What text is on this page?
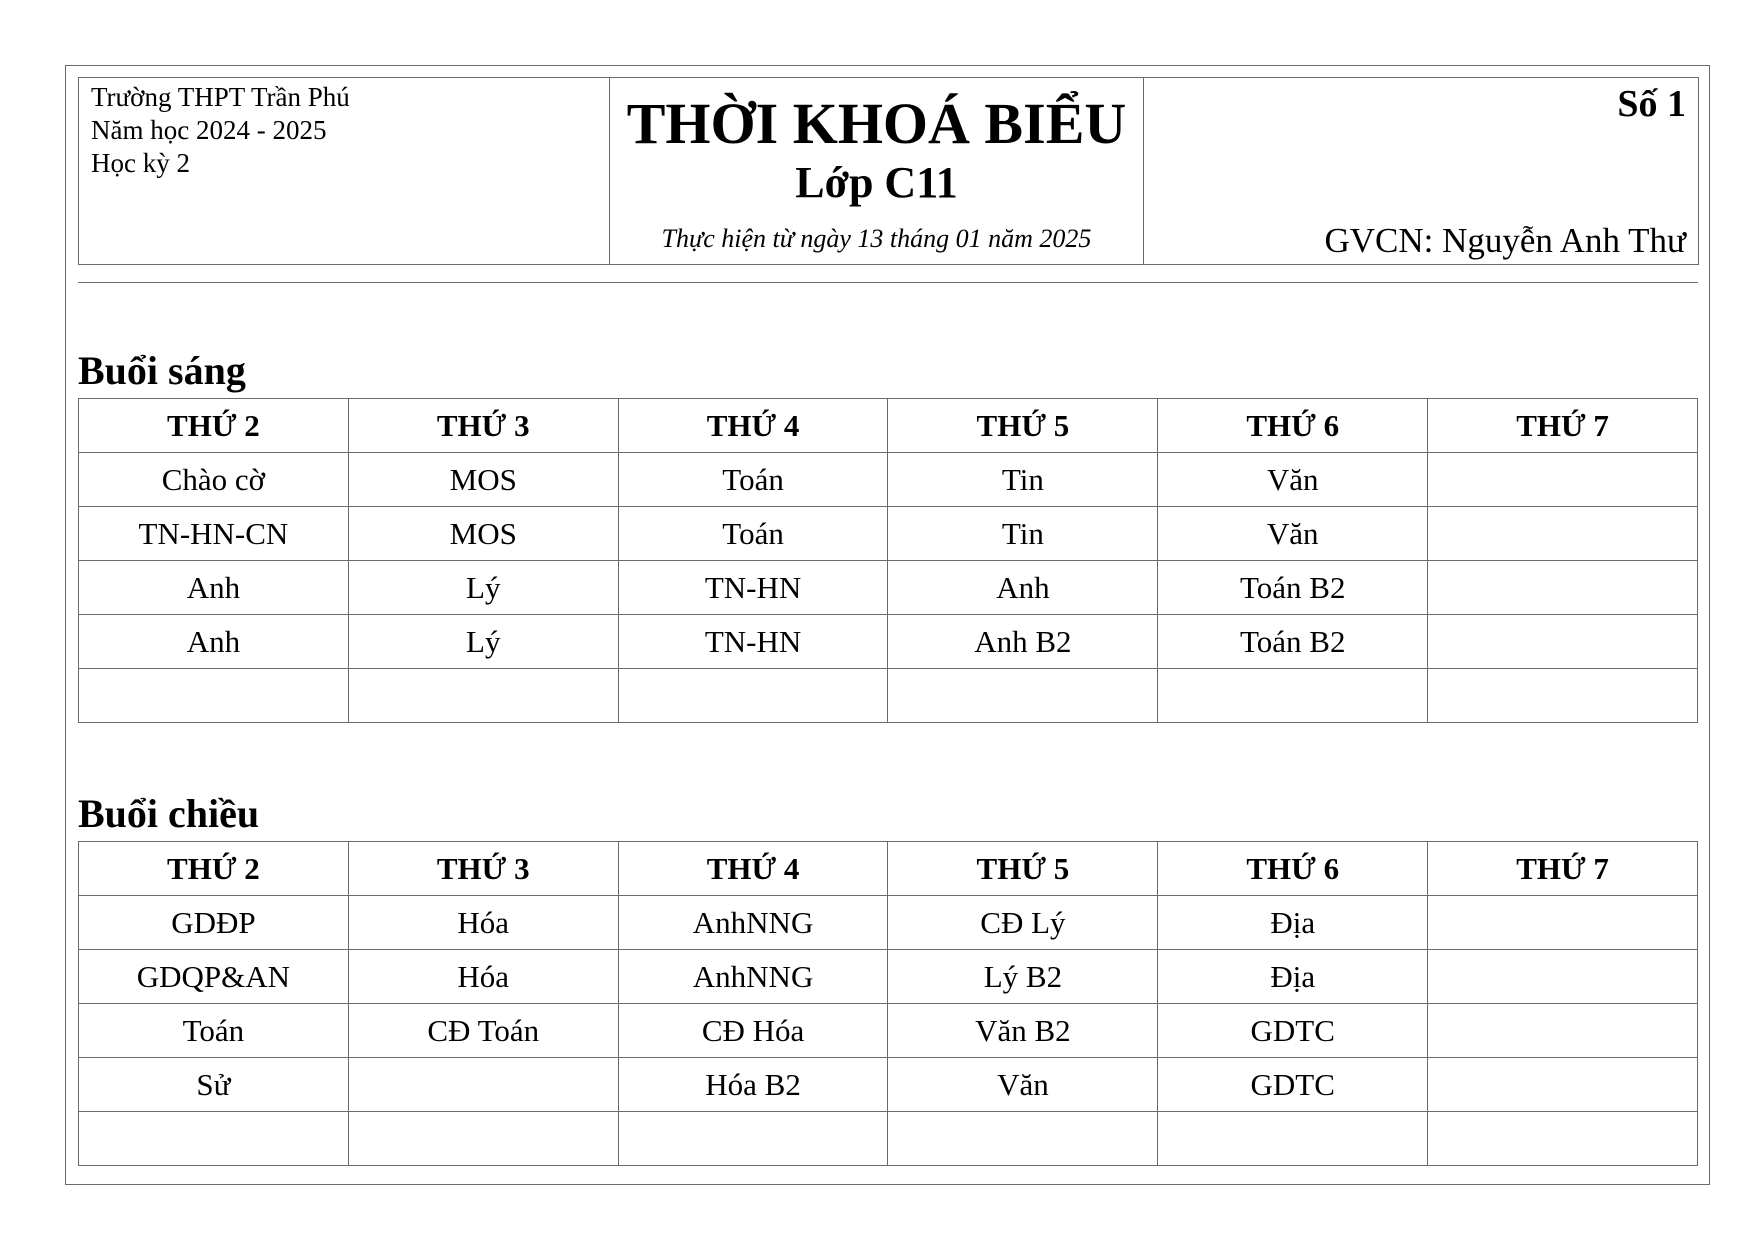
Trường THPT Trần Phú
Năm học 2024 - 2025
Học kỳ 2

THỜI KHOÁ BIỂU
Lớp C11
Thực hiện từ ngày 13 tháng 01 năm 2025

Số 1
GVCN: Nguyễn Anh Thư
Buổi sáng
THỨ 2	THỨ 3	THỨ 4	THỨ 5	THỨ 6	THỨ 7
Chào cờ	MOS	Toán	Tin	Văn	
TN-HN-CN	MOS	Toán	Tin	Văn	
Anh	Lý	TN-HN	Anh	Toán B2	
Anh	Lý	TN-HN	Anh B2	Toán B2	

Buổi chiều
THỨ 2	THỨ 3	THỨ 4	THỨ 5	THỨ 6	THỨ 7
GDĐP	Hóa	AnhNNG	CĐ Lý	Địa	
GDQP&AN	Hóa	AnhNNG	Lý B2	Địa	
Toán	CĐ Toán	CĐ Hóa	Văn B2	GDTC	
Sử		Hóa B2	Văn	GDTC	
